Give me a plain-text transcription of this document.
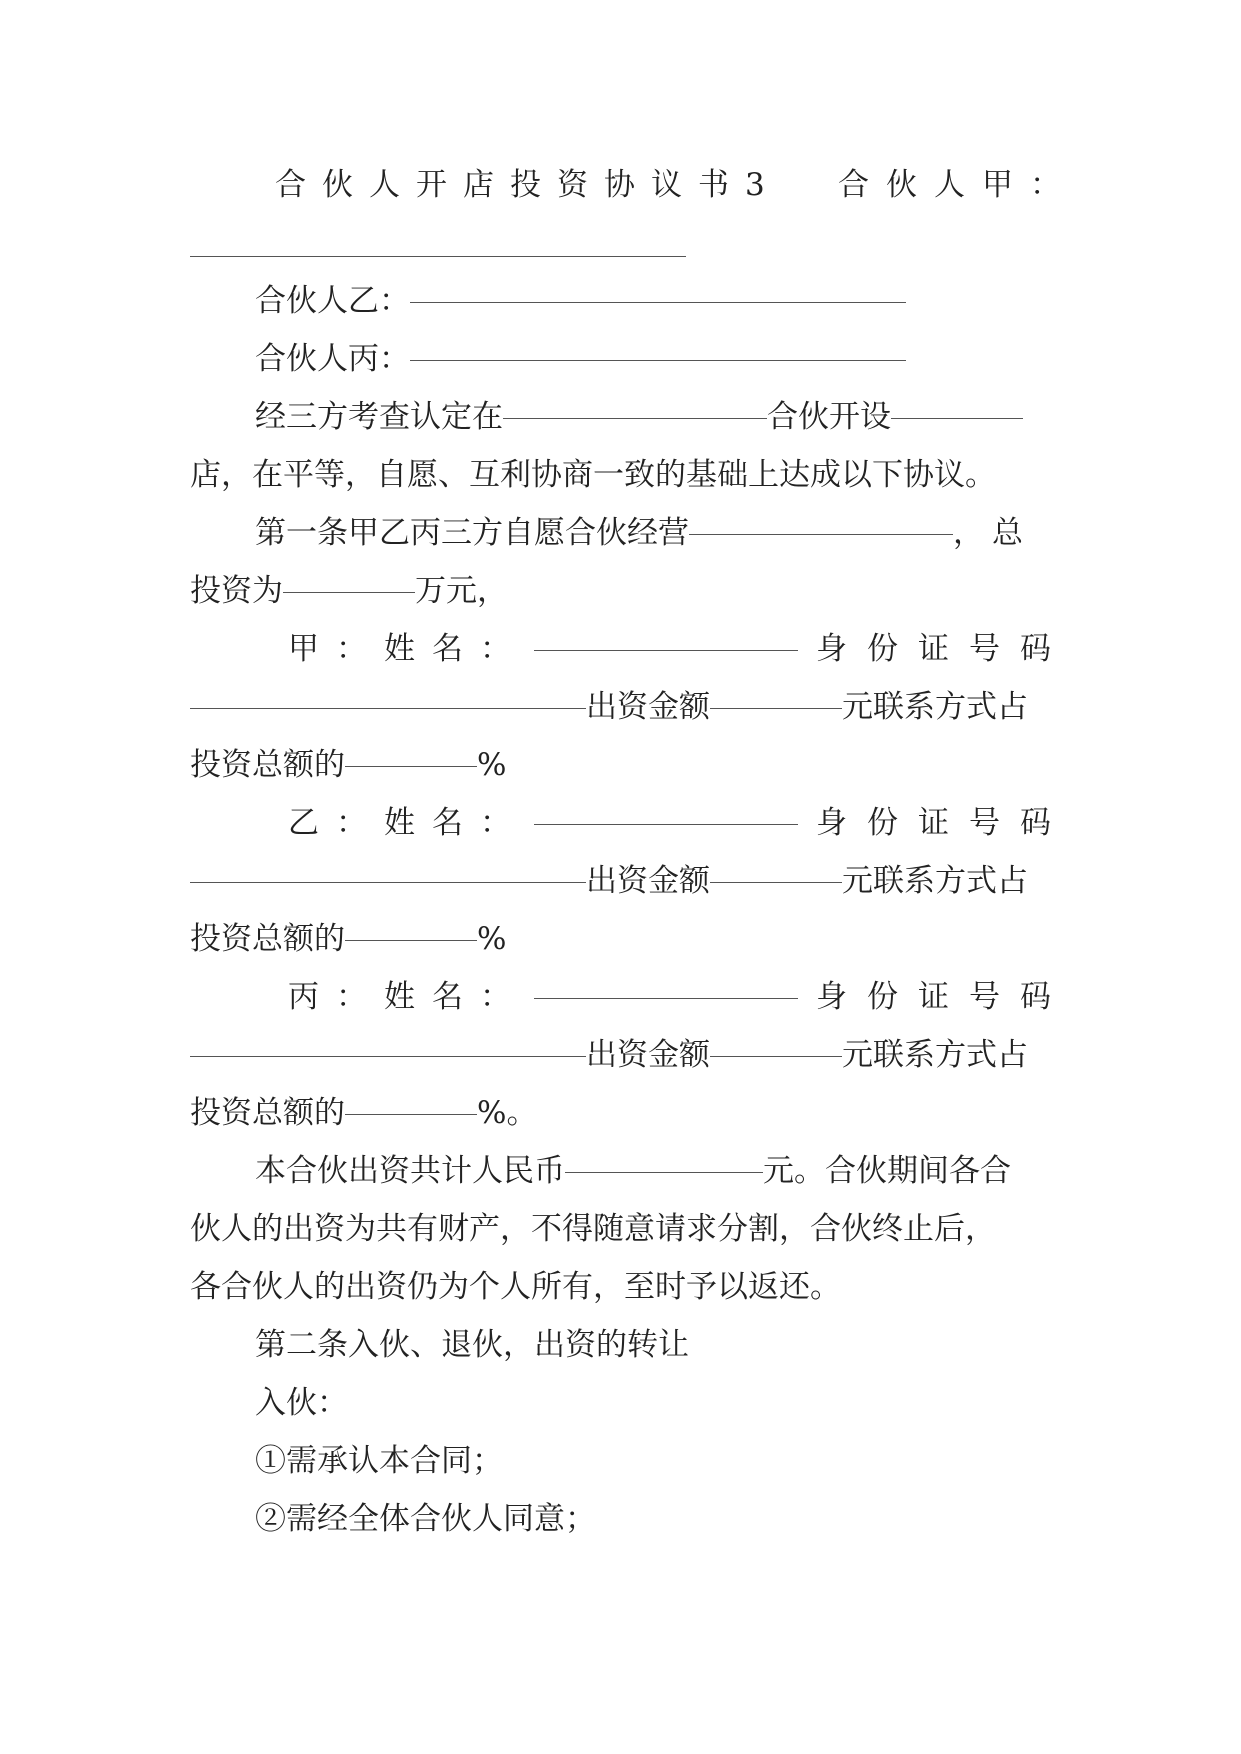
合伙人开店投资协议书3 合伙人甲：
合伙人乙：
合伙人丙：
经三方考查认定在	合伙开设
店，在平等，自愿、互利协商一致的基础上达成以下协议。
第一条甲乙丙三方自愿合伙经营	，总
投资为	万元，
甲：姓名：	身份证号码
出资金额	元联系方式占
投资总额的	%
乙：姓名：	身份证号码
出资金额	元联系方式占
投资总额的	%
丙：姓名：	身份证号码
出资金额	元联系方式占
投资总额的	%。
本合伙出资共计人民币	元。合伙期间各合
伙人的出资为共有财产，不得随意请求分割，合伙终止后，
各合伙人的出资仍为个人所有，至时予以返还。
第二条入伙、退伙，出资的转让
入伙：
①需承认本合同；
②需经全体合伙人同意；
